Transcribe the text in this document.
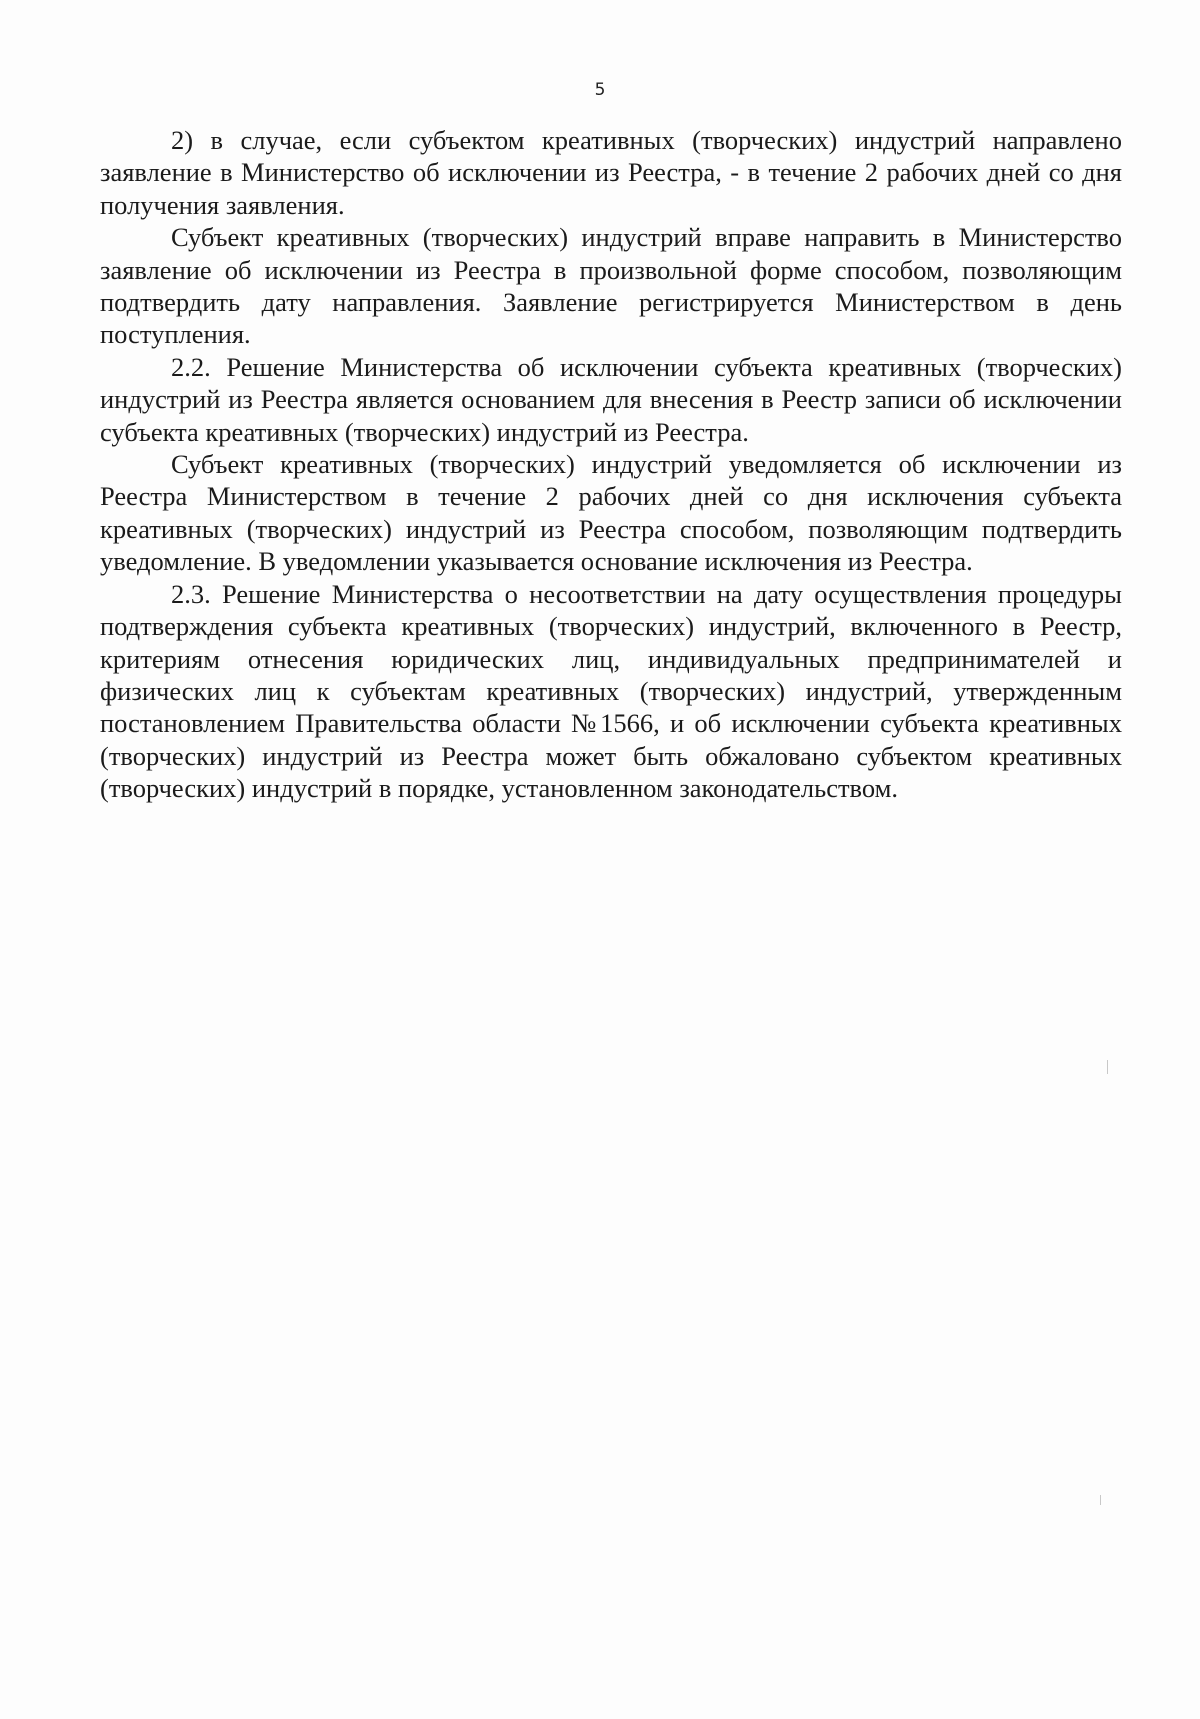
5

2) в случае, если субъектом креативных (творческих) индустрий направлено заявление в Министерство об исключении из Реестра, - в течение 2 рабочих дней со дня получения заявления.

Субъект креативных (творческих) индустрий вправе направить в Министерство заявление об исключении из Реестра в произвольной форме способом, позволяющим подтвердить дату направления. Заявление регистрируется Министерством в день поступления.

2.2. Решение Министерства об исключении субъекта креативных (творческих) индустрий из Реестра является основанием для внесения в Реестр записи об исключении субъекта креативных (творческих) индустрий из Реестра.

Субъект креативных (творческих) индустрий уведомляется об исключении из Реестра Министерством в течение 2 рабочих дней со дня исключения субъекта креативных (творческих) индустрий из Реестра способом, позволяющим подтвердить уведомление. В уведомлении указывается основание исключения из Реестра.

2.3. Решение Министерства о несоответствии на дату осуществления процедуры подтверждения субъекта креативных (творческих) индустрий, включенного в Реестр, критериям отнесения юридических лиц, индивидуальных предпринимателей и физических лиц к субъектам креативных (творческих) индустрий, утвержденным постановлением Правительства области №1566, и об исключении субъекта креативных (творческих) индустрий из Реестра может быть обжаловано субъектом креативных (творческих) индустрий в порядке, установленном законодательством.
